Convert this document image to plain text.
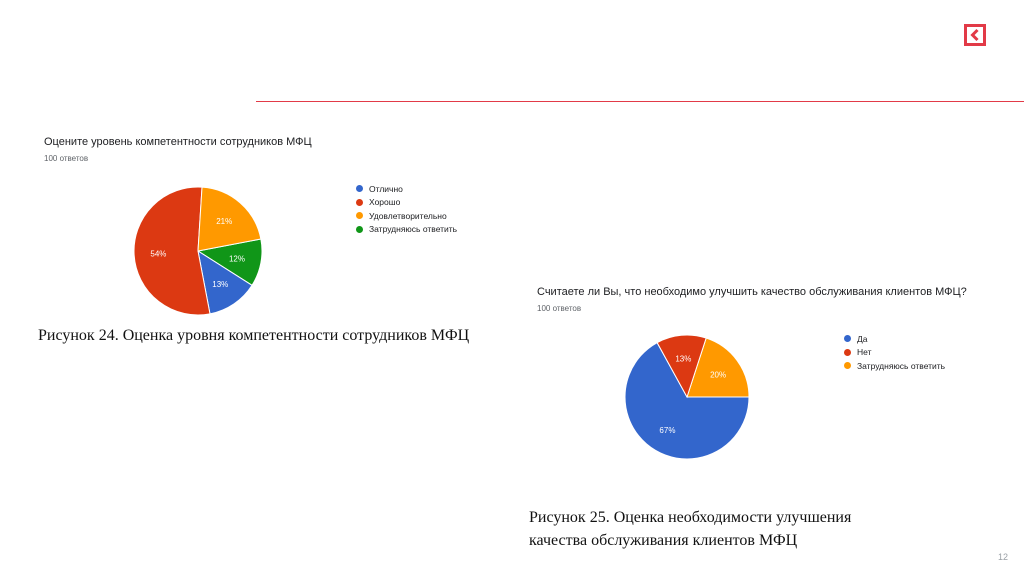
Оцените уровень компетентности сотрудников МФЦ
100 ответов
12%
13%
54%
21%
Отлично
Хорошо
Удовлетворительно
Затрудняюсь ответить
Рисунок 24. Оценка уровня компетентности сотрудников МФЦ
Считаете ли Вы, что необходимо улучшить качество обслуживания клиентов МФЦ?
100 ответов
20%
67%
13%
Да
Нет
Затрудняюсь ответить
Рисунок 25. Оценка необходимости улучшения
качества обслуживания клиентов МФЦ
12
